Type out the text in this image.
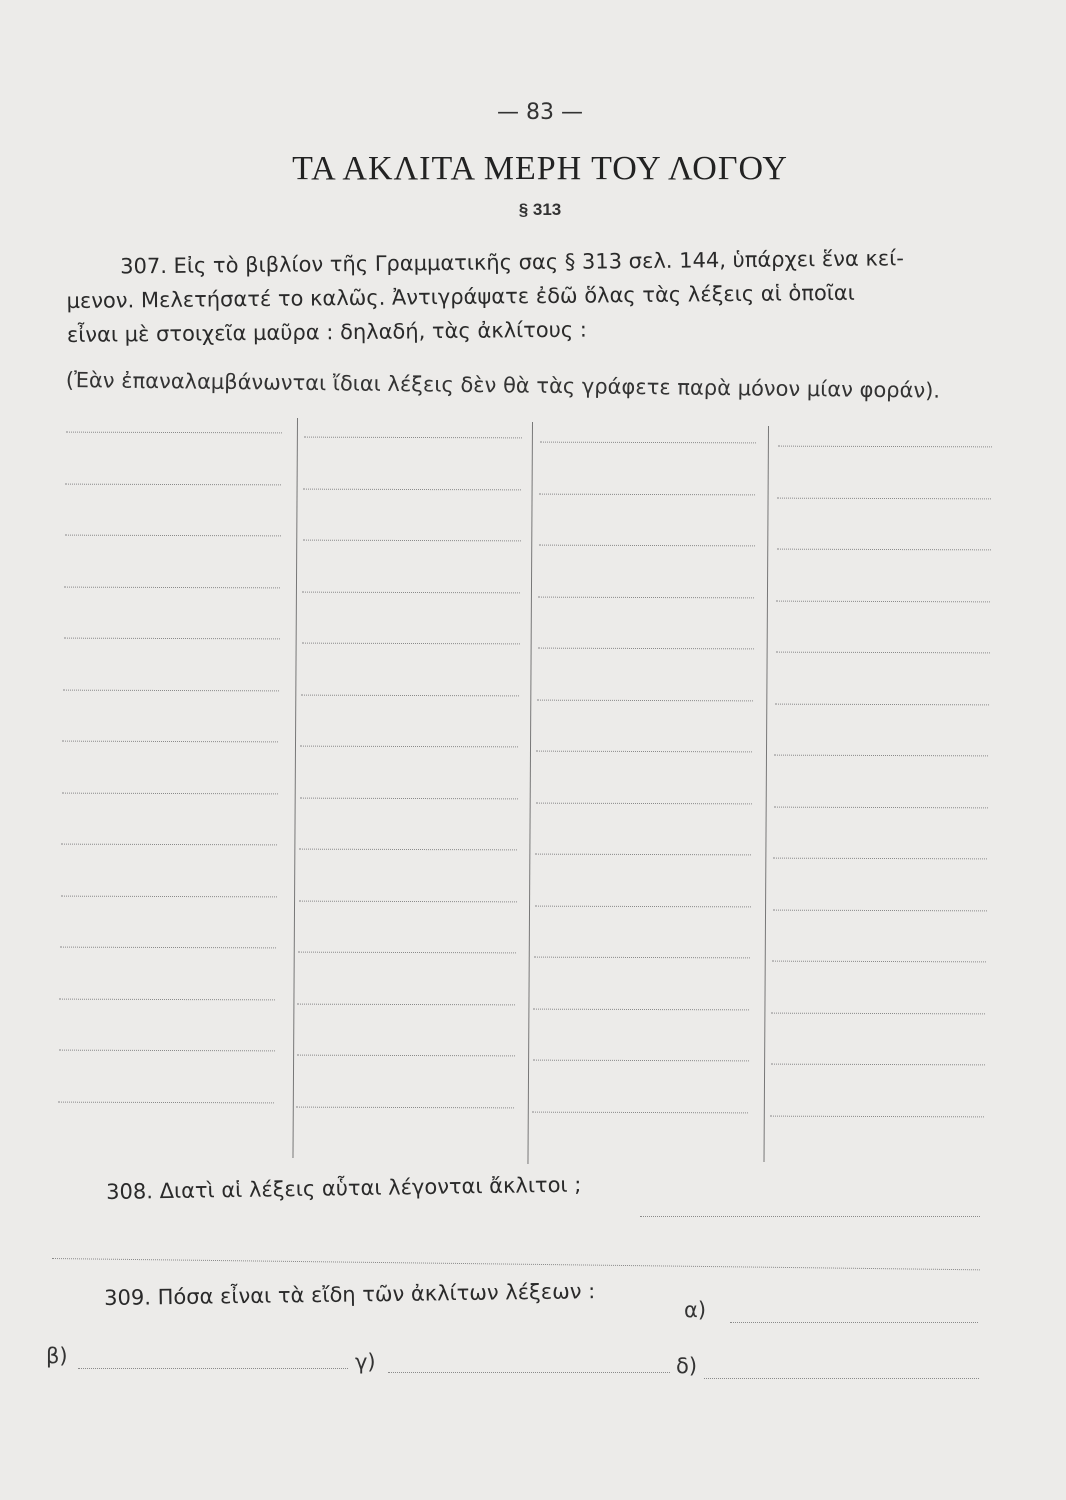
— 83 —
ΤΑ ΑΚΛΙΤΑ ΜΕΡΗ ΤΟΥ ΛΟΓΟΥ
§ 313
307. Εἰς τὸ βιβλίον τῆς Γραμματικῆς σας § 313 σελ. 144, ὑπάρχει ἕνα κεί-
μενον. Μελετήσατέ το καλῶς. Ἀντιγράψατε ἐδῶ ὅλας τὰς λέξεις αἱ ὁποῖαι
εἶναι μὲ στοιχεῖα μαῦρα : δηλαδή, τὰς ἀκλίτους :
(Ἐὰν ἐπαναλαμβάνωνται ἴδιαι λέξεις δὲν θὰ τὰς γράφετε παρὰ μόνον μίαν φοράν).
308. Διατὶ αἱ λέξεις αὗται λέγονται ἄκλιτοι ;
309. Πόσα εἶναι τὰ εἴδη τῶν ἀκλίτων λέξεων :
α)
β)	γ)	δ)
